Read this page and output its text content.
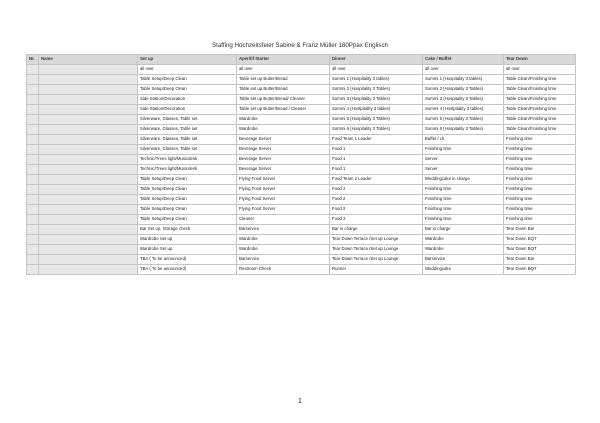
Staffing Hochzeitsfeier Sabine & Franz Müller 180Ppax Englisch
Nr.	Name	Set up	Aperitif Starter	Dinner	Cake / Buffet	Tear Down
		all over	all over	all over	all over	all over
		Table Setup/Deep Clean	Table set up Butter/Bread	Sommi 1 (Hospitality 3 tables)	Sommi 1 (Hospitality 3 tables)	Table Clean/Finishing time
		Table Setup/Deep Clean	Table set up Butter/Bread	Sommi 2 (Hospitality 3 Tables)	Sommi 2 (Hospitality 3 Tables)	Table Clean/Finishing time
		Side Station/Decoration	Table set up Butter/Bread/ Cleaner	Sommi 3 (Hospitality 3 Tables)	Sommi 3 (Hospitality 3 Tables)	Table Clean/Finishing time
		Side Station/Decoration	Table set up Butter/Bread / Cleaner	Sommi 4 (Hostpitality 3 tables)	Sommi 4 (Hostpitality 3 tables)	Table Clean/Finishing time
		Silverware, Glasses, Table set	Wardrobe	Sommi 5 (Hospitality 3 Tables)	Sommi 5 (Hospitality 3 Tables)	Table Clean/Finishing time
		Silverware, Glasses, Table set	Wardrobe	Sommi 6 (Hospitality 3 Tables)	Sommi 6 (Hospitality 3 Tables)	Table Clean/Finishing time
		Silverware, Glasses, Table set	Beverage Server	Food Team 1 Leader	Buffet / ch.	Finishing time
		Silverware, Glasses, Table set	Beverage Server	Food 1	Finishing time	Finishing time
		Technic/Trees light/Musicdesk	Beverage Server	Food 1	Server	Finishing time
		Technic/Trees light/Musicdesk	Beverage Server	Food 1	Server	Finishing time
		Table Setup/Deep Clean	Flying Food Server	Food Team 2 Leader	Weddingcake in charge	Finishing time
		Table Setup/Deep Clean	Flying Food Server	Food 2	Finishing time	Finishing time
		Table Setup/Deep Clean	Flying Food Server	Food 2	Finishing time	Finishing time
		Table Setup/Deep Clean	Flying Food Server	Food 2	Finishing time	Finishing time
		Table Setup/Deep Clean	Cleaner	Food 2	Finishing time	Finishing time
		Bar Set up, Storage check	Barservice	Bar in charge	Bar in charge	Tear Down Bar
		Wardrobe Set up	Wardrobe	Tear Down Terrace /Set up Lounge	Wardrobe	Tear Down BQT
		Wardrobe Set up	Wardrobe	Tear Down Terrace /Set up Lounge	Wardrobe	Tear Down BQT
		TBA ( To be announced)	Barservice	Tear Down Terrace /Set up Lounge	Barservice	Tear Down Bar
		TBA ( To be announced)	Restroom Check	Runner	Weddingcake	Tear Down BQT
1
